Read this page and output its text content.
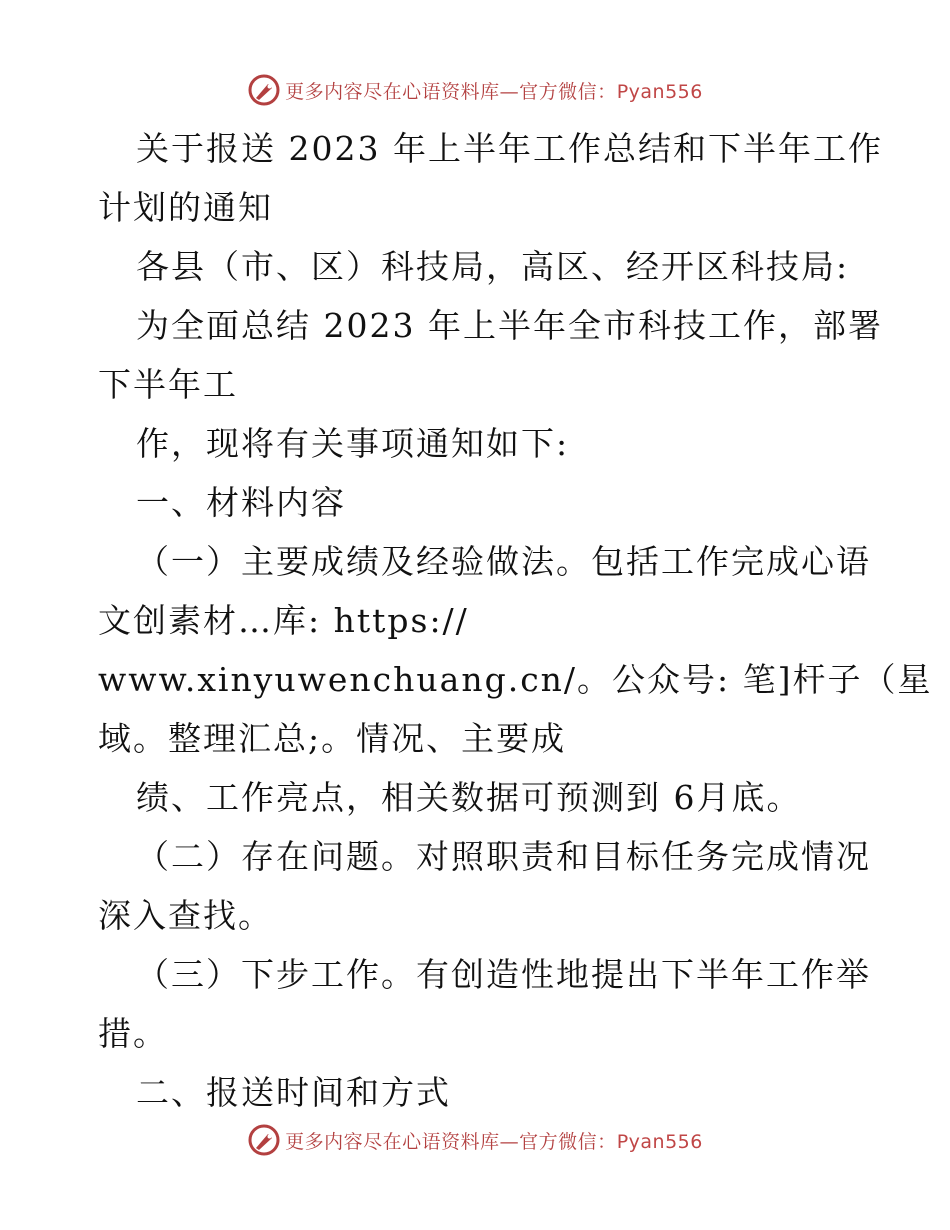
更多内容尽在心语资料库—官方微信：Pyan556

关于报送 2023 年上半年工作总结和下半年工作

计划的通知

各县（市、区）科技局，高区、经开区科技局:

为全面总结 2023 年上半年全市科技工作，部署

下半年工

作，现将有关事项通知如下:

一、材料内容

（一）主要成绩及经验做法。包括工作完成心语

文创素材…库: https://

www.xinyuwenchuang.cn/。公众号: 笔]杆子（星

域。整理汇总;。情况、主要成

绩、工作亮点，相关数据可预测到 6月底。

（二）存在问题。对照职责和目标任务完成情况

深入查找。

（三）下步工作。有创造性地提出下半年工作举

措。

二、报送时间和方式

更多内容尽在心语资料库—官方微信：Pyan556
